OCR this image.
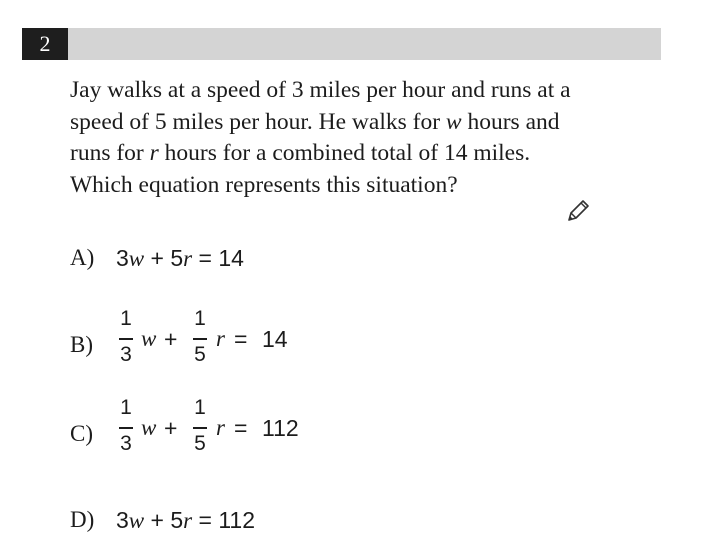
2

Jay walks at a speed of 3 miles per hour and runs at a

speed of 5 miles per hour. He walks for w hours and

runs for r hours for a combined total of 14 miles.

Which equation represents this situation?

A) 3w + 5r = 14
B)
1
3
w +
1
5
r = 14
C)
1
3
w +
1
5
r = 112
D) 3w + 5r = 112
